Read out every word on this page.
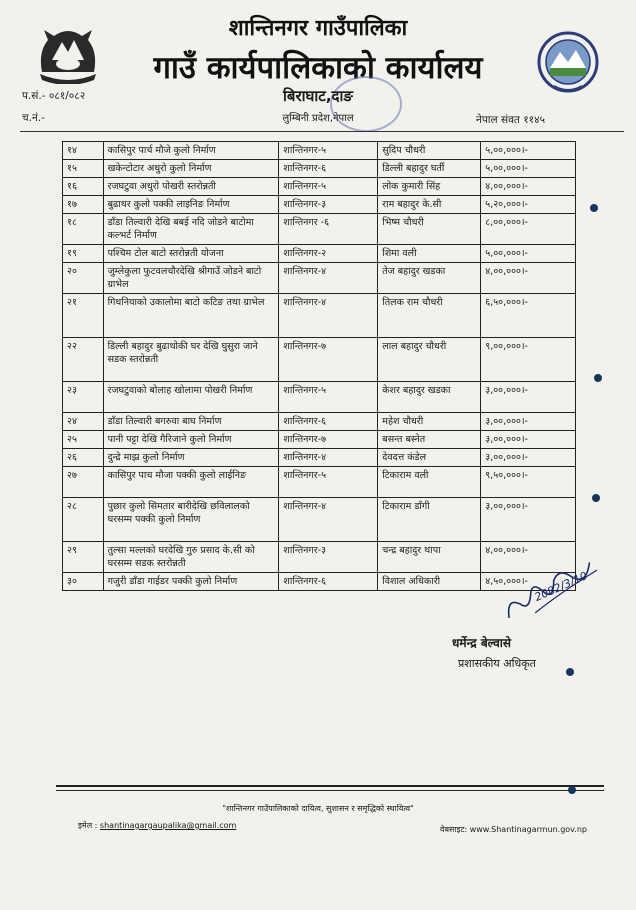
शान्तिनगर गाउँपालिका
गाउँ कार्यपालिकाको कार्यालय
बिराघाट,दाङ
लुम्बिनी प्रदेश,नेपाल
प.सं.- ०८१/०८२
च.नं.-	नेपाल संवत ११४५
१४	कासिपुर पार्च मौजे कुलो निर्माण	शान्तिनगर-५	सुदिप चौधरी	५,००,०००।-
१५	खकेन्टोटार अधुरो कुलो निर्माण	शान्तिनगर-६	डिल्ली बहादुर घर्ती	५,००,०००।-
१६	रजघटुवा अधुरो पोखरी स्तरोन्नती	शान्तिनगर-५	लोक कुमारी सिंह	४,००,०००।-
१७	बुढाथर कुलो पक्की लाइनिङ निर्माण	शान्तिनगर-३	राम बहादुर के.सी	५,२०,०००।-
१८	डाँडा तिल्वारी देखि बबई नदि जोडने बाटोमा कल्भर्ट निर्माण	शान्तिनगर -६	भिष्म चौधरी	८,००,०००।-
१९	पश्चिम टोल बाटो स्तरोन्नती योजना	शान्तिनगर-२	शिमा वली	५,००,०००।-
२०	जुम्लेकुला फुटवलचौरदेखि श्रीगाउँ जोडने बाटो ग्राभेल	शान्तिनगर-४	तेज बहादुर खडका	४,००,०००।-
२१	गिधनियाको उकालोमा बाटो कटिङ तथा ग्राभेल	शान्तिनगर-४	तिलक राम चौधरी	६,५०,०००।-
२२	डिल्ली बहादुर बुढाथोकी घर देखि घुसुरा जाने सडक स्तरोन्नती	शान्तिनगर-७	लाल बहादुर चौधरी	९,००,०००।-
२३	रजघटुवाको बोलाह खोलामा पोखरी निर्माण	शान्तिनगर-५	केशर बहादुर खडका	३,००,०००।-
२४	डाँडा तिल्वारी बगरुवा बाघ निर्माण	शान्तिनगर-६	महेश चौधरी	३,००,०००।-
२५	पानी पट्टा देखि गैरिजाने कुलो निर्माण	शान्तिनगर-७	बसन्त बस्नेत	३,००,०००।-
२६	दुन्द्रे माझ्र कुलो निर्माण	शान्तिनगर-४	देवदत्त कंडेल	३,००,०००।-
२७	कासिपुर पाच मौजा पक्की कुलो लाईनिङ	शान्तिनगर-५	टिकाराम वली	९,५०,०००।-
२८	पुछार कुलो सिमतार बारीदेखि छविलालको घरसम्म पक्की कुलो निर्माण	शान्तिनगर-४	टिकाराम डाँगी	३,००,०००।-
२९	तुल्सा मल्लको घरदेखि गुरु प्रसाद के.सी को घरसम्म सडक स्तरोन्नती	शान्तिनगर-३	चन्द्र बहादुर थापा	४,००,०००।-
३०	गजुरी डाँडा गाईडर पक्की कुलो निर्माण	शान्तिनगर-६	विशाल अधिकारी	४,५०,०००।- 2082/3/10
धर्मेन्द्र बेल्वासे
प्रशासकीय अधिकृत
"शान्तिनगर गाउँपालिकाको दायित्व, सुशासन र समृद्धिको स्थायित्व"
इमेल : shantinagargaupalika@gmail.com	वेबसाइट: www.Shantinagarmun.gov.np
